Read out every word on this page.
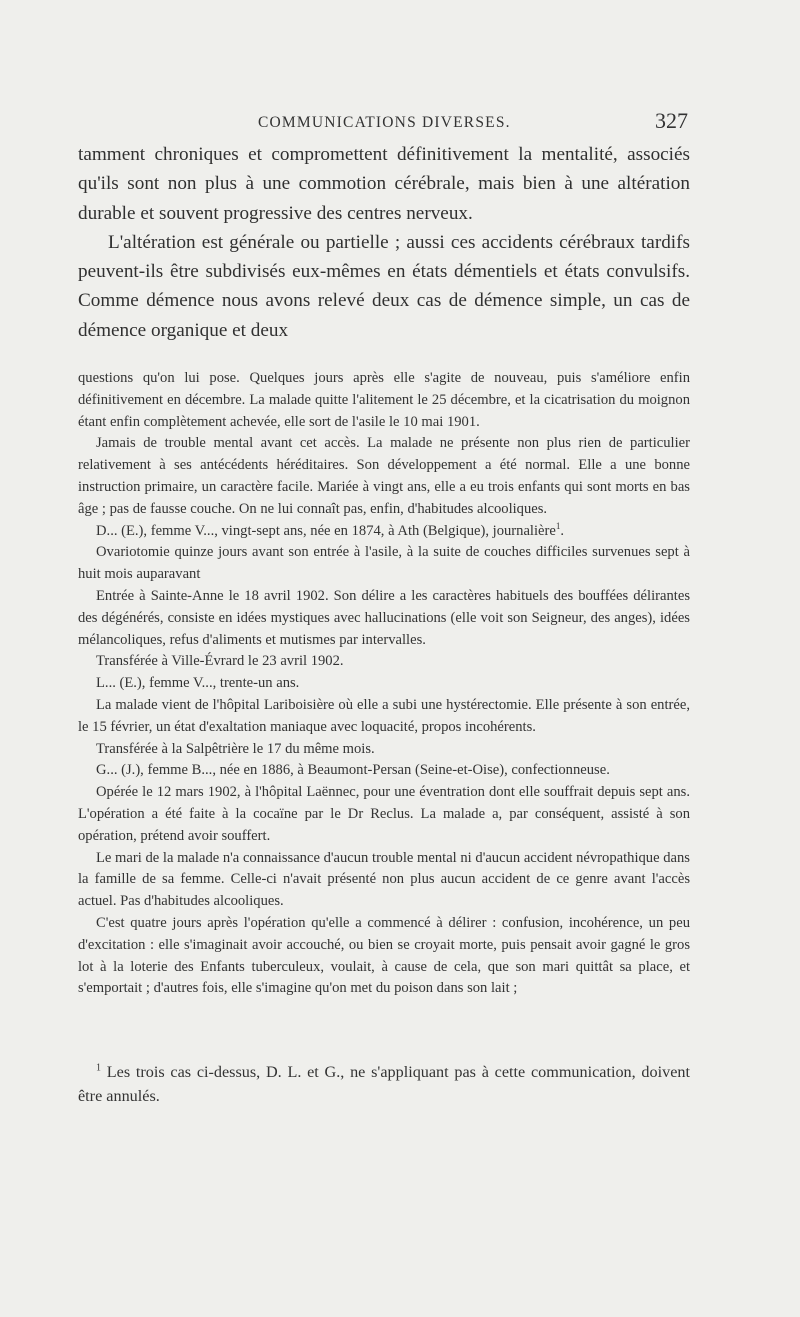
COMMUNICATIONS DIVERSES.	327

tamment chroniques et compromettent définitivement la mentalité, associés qu'ils sont non plus à une commotion cérébrale, mais bien à une altération durable et souvent progressive des centres nerveux.

L'altération est générale ou partielle ; aussi ces accidents cérébraux tardifs peuvent-ils être subdivisés eux-mêmes en états démentiels et états convulsifs. Comme démence nous avons relevé deux cas de démence simple, un cas de démence organique et deux

questions qu'on lui pose. Quelques jours après elle s'agite de nouveau, puis s'améliore enfin définitivement en décembre. La malade quitte l'alitement le 25 décembre, et la cicatrisation du moignon étant enfin complètement achevée, elle sort de l'asile le 10 mai 1901.

Jamais de trouble mental avant cet accès. La malade ne présente non plus rien de particulier relativement à ses antécédents héréditaires. Son développement a été normal. Elle a une bonne instruction primaire, un caractère facile. Mariée à vingt ans, elle a eu trois enfants qui sont morts en bas âge ; pas de fausse couche. On ne lui connaît pas, enfin, d'habitudes alcooliques.

D... (E.), femme V..., vingt-sept ans, née en 1874, à Ath (Belgique), journalière$^1$.

Ovariotomie quinze jours avant son entrée à l'asile, à la suite de couches difficiles survenues sept à huit mois auparavant

Entrée à Sainte-Anne le 18 avril 1902. Son délire a les caractères habituels des bouffées délirantes des dégénérés, consiste en idées mystiques avec hallucinations (elle voit son Seigneur, des anges), idées mélancoliques, refus d'aliments et mutismes par intervalles.

Transférée à Ville-Évrard le 23 avril 1902.

L... (E.), femme V..., trente-un ans.

La malade vient de l'hôpital Lariboisière où elle a subi une hystérectomie. Elle présente à son entrée, le 15 février, un état d'exaltation maniaque avec loquacité, propos incohérents.

Transférée à la Salpêtrière le 17 du même mois.

G... (J.), femme B..., née en 1886, à Beaumont-Persan (Seine-et-Oise), confectionneuse.

Opérée le 12 mars 1902, à l'hôpital Laënnec, pour une éventration dont elle souffrait depuis sept ans. L'opération a été faite à la cocaïne par le Dr Reclus. La malade a, par conséquent, assisté à son opération, prétend avoir souffert.

Le mari de la malade n'a connaissance d'aucun trouble mental ni d'aucun accident névropathique dans la famille de sa femme. Celle-ci n'avait présenté non plus aucun accident de ce genre avant l'accès actuel. Pas d'habitudes alcooliques.

C'est quatre jours après l'opération qu'elle a commencé à délirer : confusion, incohérence, un peu d'excitation : elle s'imaginait avoir accouché, ou bien se croyait morte, puis pensait avoir gagné le gros lot à la loterie des Enfants tuberculeux, voulait, à cause de cela, que son mari quittât sa place, et s'emportait ; d'autres fois, elle s'imagine qu'on met du poison dans son lait ;

$^1$ Les trois cas ci-dessus, D. L. et G., ne s'appliquant pas à cette communication, doivent être annulés.
